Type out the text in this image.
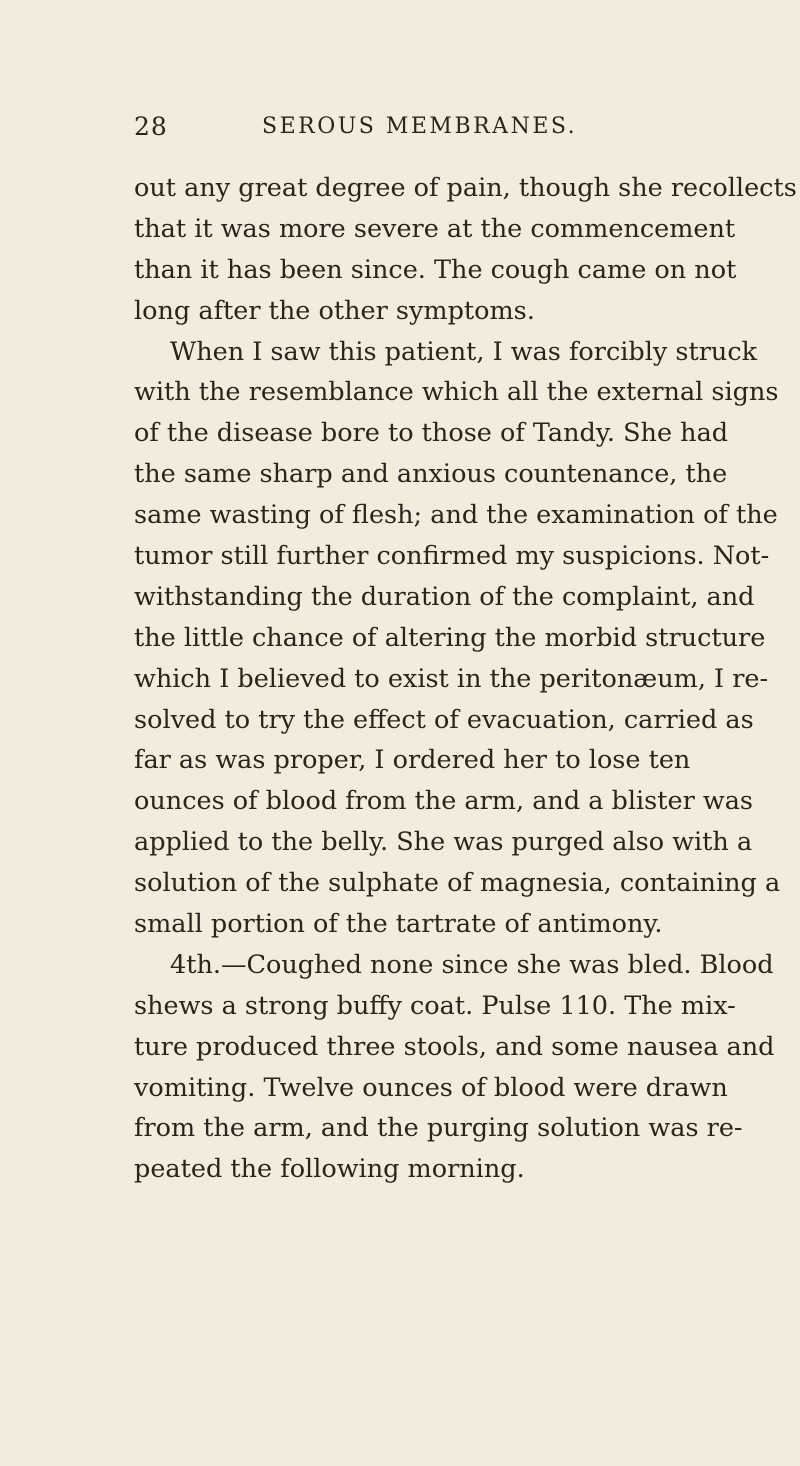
28	SEROUS MEMBRANES.
out any great degree of pain, though she recollects
that it was more severe at the commencement
than it has been since. The cough came on not
long after the other symptoms.
When I saw this patient, I was forcibly struck
with the resemblance which all the external signs
of the disease bore to those of Tandy. She had
the same sharp and anxious countenance, the
same wasting of flesh; and the examination of the
tumor still further confirmed my suspicions. Not-
withstanding the duration of the complaint, and
the little chance of altering the morbid structure
which I believed to exist in the peritonæum, I re-
solved to try the effect of evacuation, carried as
far as was proper, I ordered her to lose ten
ounces of blood from the arm, and a blister was
applied to the belly. She was purged also with a
solution of the sulphate of magnesia, containing a
small portion of the tartrate of antimony.
4th.—Coughed none since she was bled. Blood
shews a strong buffy coat. Pulse 110. The mix-
ture produced three stools, and some nausea and
vomiting. Twelve ounces of blood were drawn
from the arm, and the purging solution was re-
peated the following morning.
